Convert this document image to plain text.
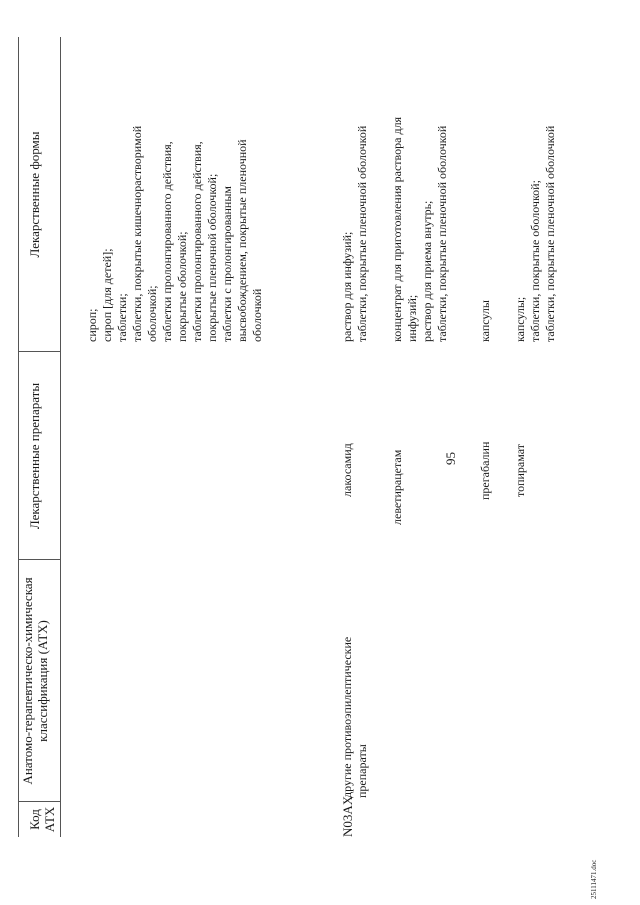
95
25111471.doc
Код АТХ
Анатомо-терапевтическо-химическая классификация (АТХ)
Лекарственные препараты
Лекарственные формы
сироп; сироп [для детей]; таблетки; таблетки, покрытые кишечнорастворимой оболочкой; таблетки пролонгированного действия, покрытые оболочкой; таблетки пролонгированного действия, покрытые пленочной оболочкой; таблетки с пролонгированным высвобождением, покрытые пленочной оболочкой
N03AX
другие противоэпилептические препараты
лакосамид
раствор для инфузий; таблетки, покрытые пленочной оболочкой
леветирацетам
концентрат для приготовления раствора для инфузий; раствор для приема внутрь; таблетки, покрытые пленочной оболочкой
прегабалин
капсулы
топирамат
капсулы; таблетки, покрытые оболочкой; таблетки, покрытые пленочной оболочкой
